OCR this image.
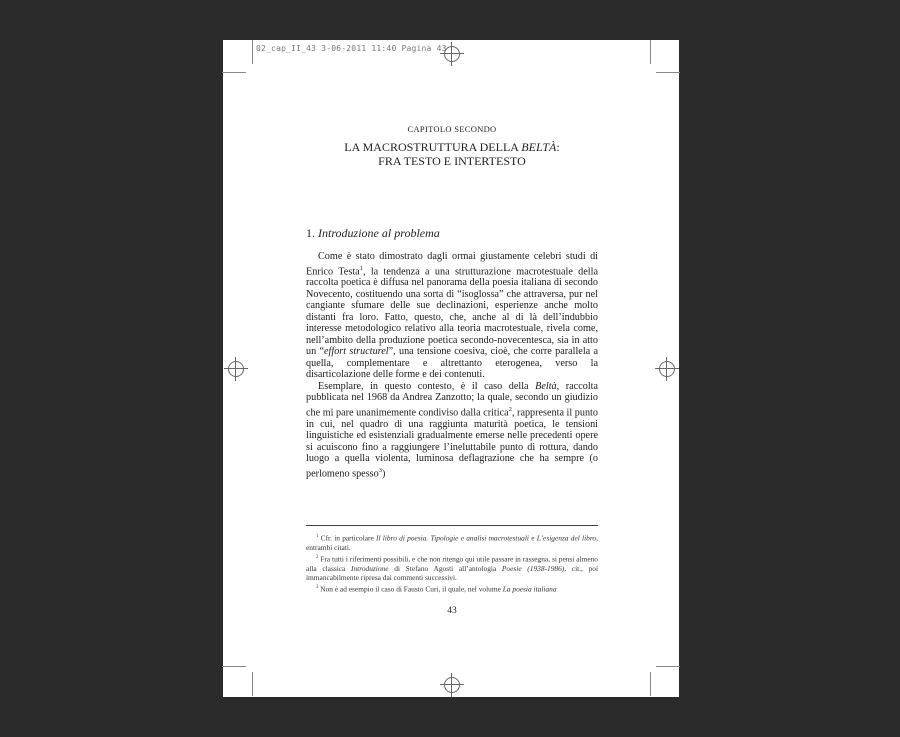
02_cap_II_43 3-06-2011 11:40 Pagina 43
CAPITOLO SECONDO
LA MACROSTRUTTURA DELLA BELTÀ:
FRA TESTO E INTERTESTO
1. Introduzione al problema

Come è stato dimostrato dagli ormai giustamente celebri studi di Enrico Testa$^1$, la tendenza a una strutturazione macrotestuale della raccolta poetica è diffusa nel panorama della poesia italiana di secondo Novecento, costituendo una sorta di “isoglossa” che attraversa, pur nel cangiante sfumare delle sue declinazioni, esperienze anche molto distanti fra loro. Fatto, questo, che, anche al di là dell’indubbio interesse metodologico relativo alla teoria macrotestuale, rivela come, nell’ambito della produzione poetica secondo-novecentesca, sia in atto un “effort structurel”, una tensione coesiva, cioè, che corre parallela a quella, complementare e altrettanto eterogenea, verso la disarticolazione delle forme e dei contenuti.

Esemplare, in questo contesto, è il caso della Beltà, raccolta pubblicata nel 1968 da Andrea Zanzotto; la quale, secondo un giudizio che mi pare unanimemente condiviso dalla critica$^2$, rappresenta il punto in cui, nel quadro di una raggiunta maturità poetica, le tensioni linguistiche ed esistenziali gradualmente emerse nelle precedenti opere si acuiscono fino a raggiungere l’ineluttabile punto di rottura, dando luogo a quella violenta, luminosa deflagrazione che ha sempre (o perlomeno spesso$^3$)

$^1$ Cfr. in particolare Il libro di poesia. Tipologie e analisi macrotestuali e L’esigenza del libro, entrambi citati.

$^2$ Fra tutti i riferimenti possibili, e che non ritengo qui utile passare in rassegna, si pensi almeno alla classica Introduzione di Stefano Agosti all’antologia Poesie (1938-1986), cit., poi immancabilmente ripresa dai commenti successivi.

$^3$ Non è ad esempio il caso di Fausto Curi, il quale, nel volume La poesia italiana

43
